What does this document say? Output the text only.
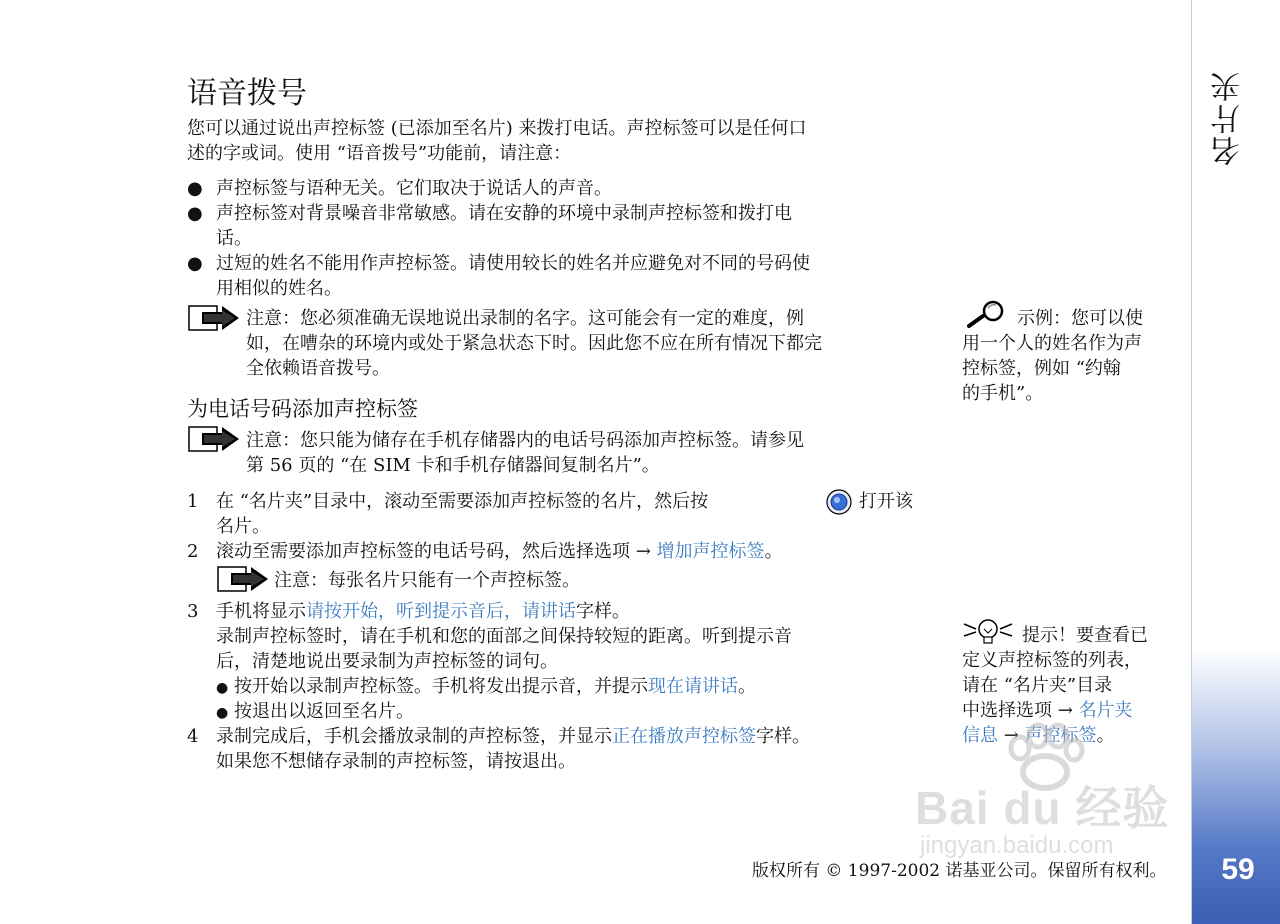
名片夹
59
语音拨号

您可以通过说出声控标签 (已添加至名片) 来拨打电话。声控标签可以是任何口

述的字或词。使用 “语音拨号”功能前，请注意：

● 声控标签与语种无关。它们取决于说话人的声音。

● 声控标签对背景噪音非常敏感。请在安静的环境中录制声控标签和拨打电

话。

● 过短的姓名不能用作声控标签。请使用较长的姓名并应避免对不同的号码使

用相似的姓名。

注意：您必须准确无误地说出录制的名字。这可能会有一定的难度，例

如，在嘈杂的环境内或处于紧急状态下时。因此您不应在所有情况下都完

全依赖语音拨号。

为电话号码添加声控标签

注意：您只能为储存在手机存储器内的电话号码添加声控标签。请参见

第 56 页的 “在 SIM 卡和手机存储器间复制名片”。

1 在 “名片夹”目录中，滚动至需要添加声控标签的名片，然后按	打开该

名片。

2 滚动至需要添加声控标签的电话号码，然后选择选项 → 增加声控标签。

注意：每张名片只能有一个声控标签。

3 手机将显示请按开始，听到提示音后，请讲话字样。

录制声控标签时，请在手机和您的面部之间保持较短的距离。听到提示音

后，清楚地说出要录制为声控标签的词句。

● 按开始以录制声控标签。手机将发出提示音，并提示现在请讲话。

● 按退出以返回至名片。

4 录制完成后，手机会播放录制的声控标签，并显示正在播放声控标签字样。

如果您不想储存录制的声控标签，请按退出。

示例：您可以使

用一个人的姓名作为声

控标签，例如 “约翰

的手机”。

提示！要查看已

定义声控标签的列表，

请在 “名片夹”目录

中选择选项 → 名片夹

信息 → 声控标签。

Bai du 经验
jingyan.baidu.com

版权所有 © 1997-2002 诺基亚公司。保留所有权利。
